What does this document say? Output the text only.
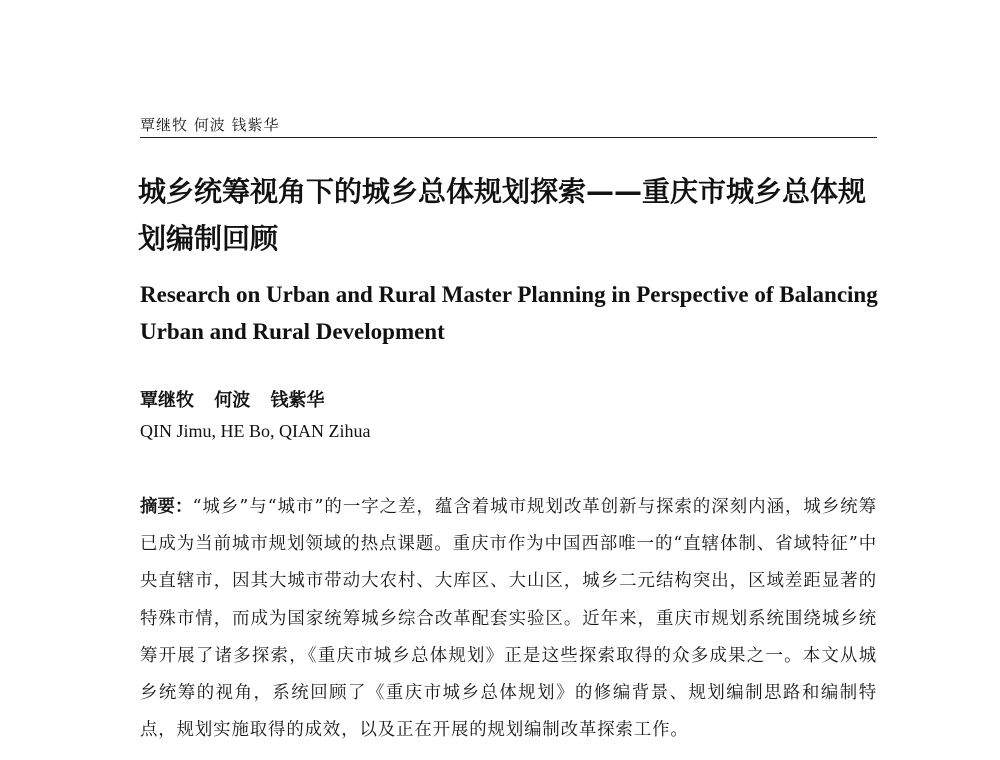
覃继牧 何波 钱紫华
城乡统筹视角下的城乡总体规划探索——重庆市城乡总体规划编制回顾
Research on Urban and Rural Master Planning in Perspective of Balancing Urban and Rural Development
覃继牧 何波 钱紫华
QIN Jimu, HE Bo, QIAN Zihua

摘要：“城乡”与“城市”的一字之差，蕴含着城市规划改革创新与探索的深刻内涵，城乡统筹已成为当前城市规划领域的热点课题。重庆市作为中国西部唯一的“直辖体制、省域特征”中央直辖市，因其大城市带动大农村、大库区、大山区，城乡二元结构突出，区域差距显著的特殊市情，而成为国家统筹城乡综合改革配套实验区。近年来，重庆市规划系统围绕城乡统筹开展了诸多探索，《重庆市城乡总体规划》正是这些探索取得的众多成果之一。本文从城乡统筹的视角，系统回顾了《重庆市城乡总体规划》的修编背景、规划编制思路和编制特点，规划实施取得的成效，以及正在开展的规划编制改革探索工作。
